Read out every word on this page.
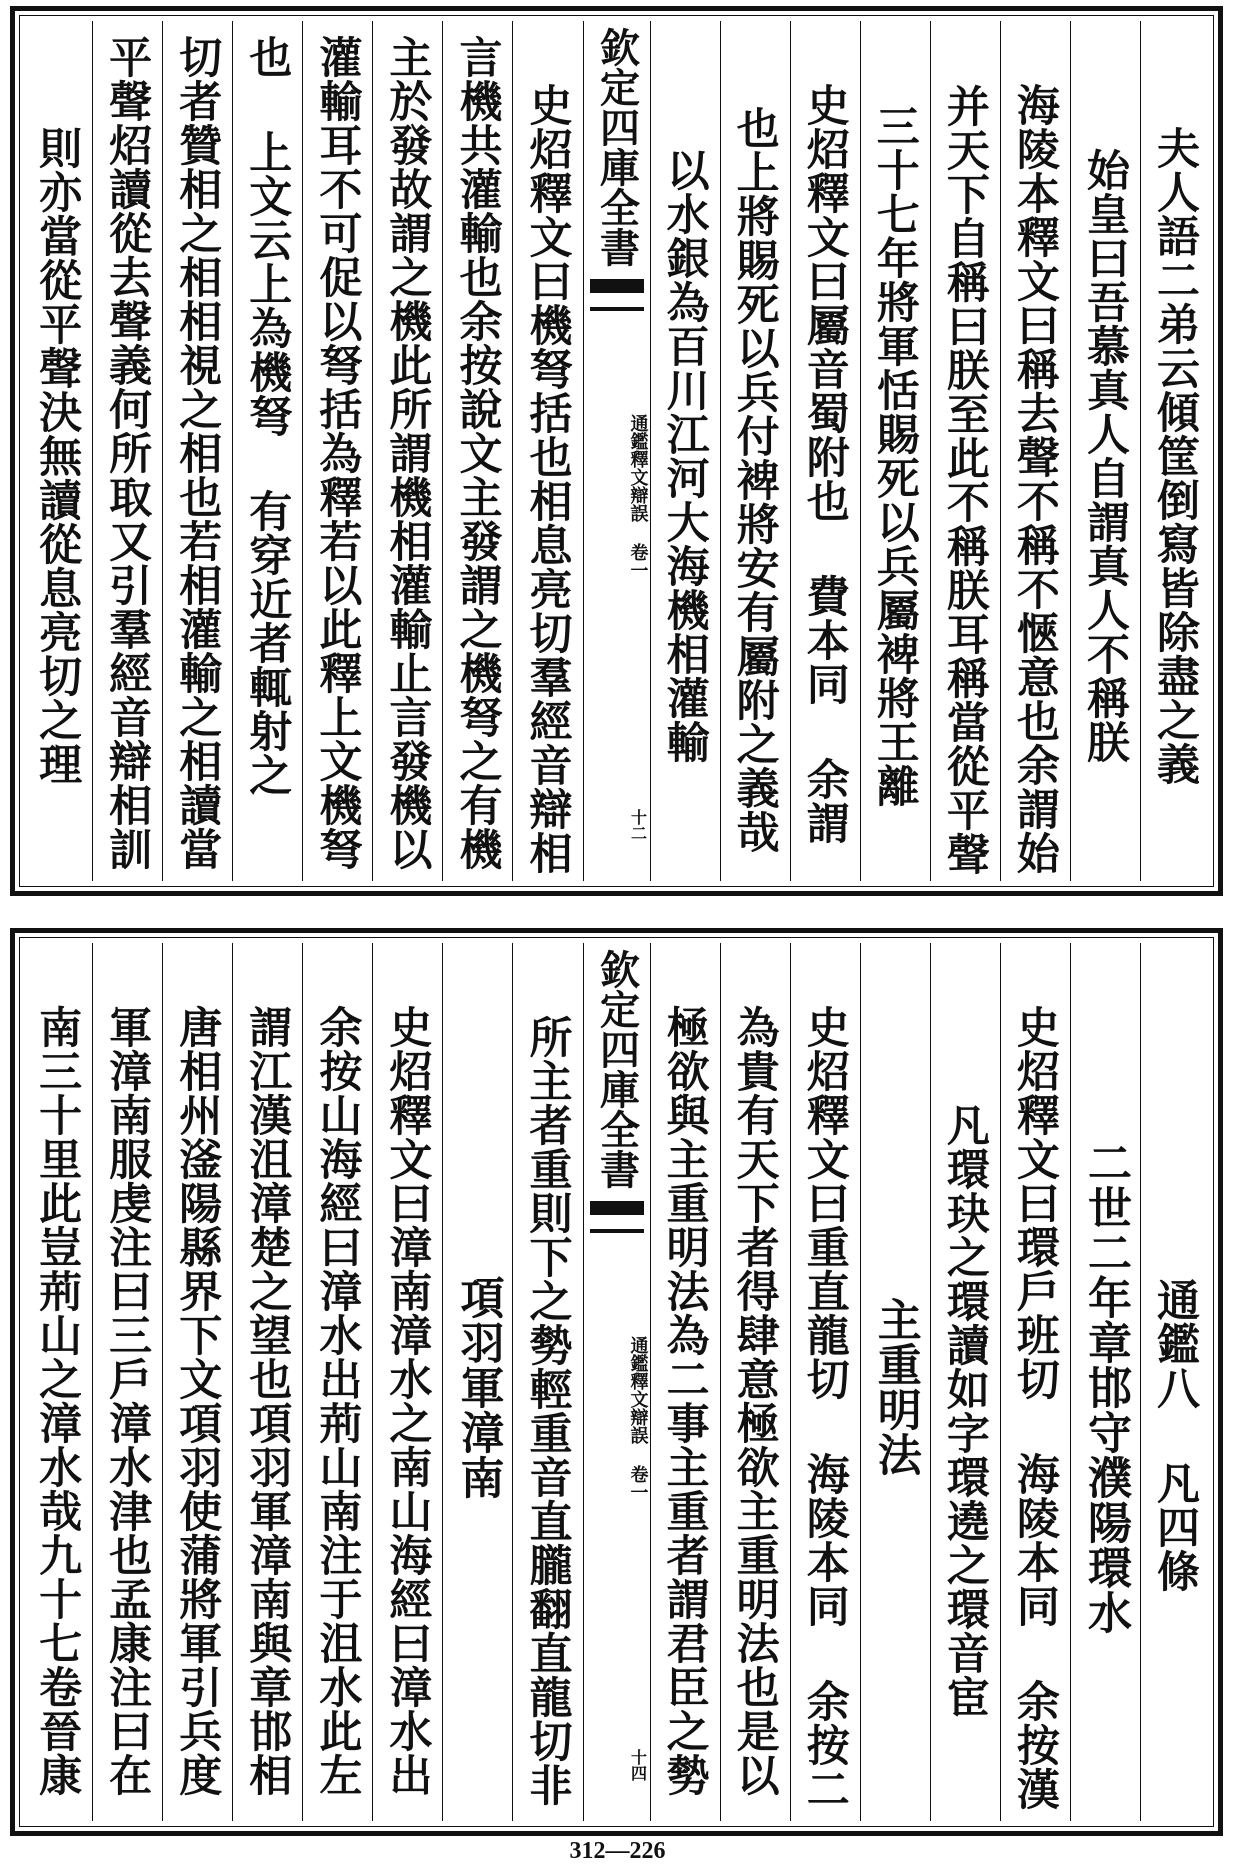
夫人語二弟云傾筐倒寫皆除盡之義
始皇曰吾慕真人自謂真人不稱朕
海陵本釋文曰稱去聲不稱不愜意也余謂始
并天下自稱曰朕至此不稱朕耳稱當從平聲
三十七年將軍恬賜死以兵屬裨將王離
史炤釋文曰屬音蜀附也 費本同 余謂
也上將賜死以兵付裨將安有屬附之義哉
以水銀為百川江河大海機相灌輸
欽定四庫全書
通鑑釋文辯誤 卷一
十二
史炤釋文曰機弩括也相息亮切羣經音辯相
言機共灌輸也余按說文主發謂之機弩之有機
主於發故謂之機此所謂機相灌輸止言發機以
灌輸耳不可促以弩括為釋若以此釋上文機弩
也 上文云上為機弩 有穿近者輒射之
切者贊相之相相視之相也若相灌輸之相讀當
平聲炤讀從去聲義何所取又引羣經音辯相訓
則亦當從平聲決無讀從息亮切之理
通鑑八 凡四條
二世二年章邯守濮陽環水
史炤釋文曰環戶班切 海陵本同 余按漢
凡環玦之環讀如字環遶之環音宦
主重明法
史炤釋文曰重直龍切 海陵本同 余按二
為貴有天下者得肆意極欲主重明法也是以
極欲與主重明法為二事主重者謂君臣之勢
欽定四庫全書
通鑑釋文辯誤 卷一
十四
所主者重則下之勢輕重音直朧翻直龍切非
項羽軍漳南
史炤釋文曰漳南漳水之南山海經曰漳水出
余按山海經曰漳水出荊山南注于沮水此左
謂江漢沮漳楚之望也項羽軍漳南與章邯相
唐相州滏陽縣界下文項羽使蒲將軍引兵度
軍漳南服虔注曰三戶漳水津也孟康注曰在
南三十里此豈荊山之漳水哉九十七卷晉康
312—226
